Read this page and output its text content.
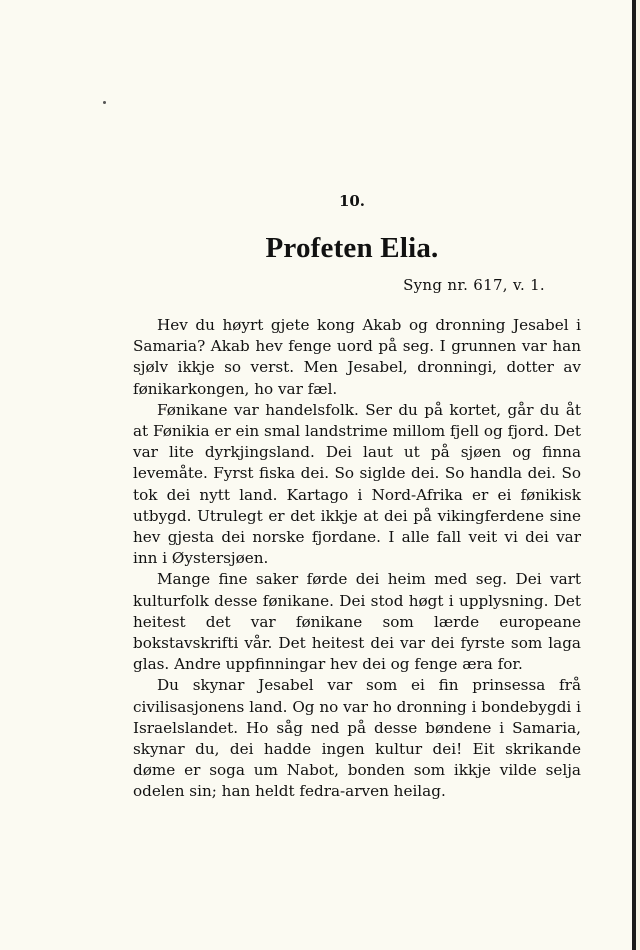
10.
Profeten Elia.
Syng nr. 617, v. 1.

Hev du høyrt gjete kong Akab og dronning Jesabel i Samaria? Akab hev fenge uord på seg. I grunnen var han sjølv ikkje so verst. Men Jesabel, dronningi, dotter av fønikarkongen, ho var fæl.

Fønikane var handelsfolk. Ser du på kortet, går du åt at Fønikia er ein smal landstrime millom fjell og fjord. Det var lite dyrkjingsland. Dei laut ut på sjøen og finna levemåte. Fyrst fiska dei. So siglde dei. So handla dei. So tok dei nytt land. Kartago i Nord-Afrika er ei fønikisk utbygd. Utrulegt er det ikkje at dei på vikingferdene sine hev gjesta dei norske fjordane. I alle fall veit vi dei var inn i Øystersjøen.

Mange fine saker førde dei heim med seg. Dei vart kulturfolk desse fønikane. Dei stod høgt i upplysning. Det heitest det var fønikane som lærde europeane bokstavskrifti vår. Det heitest dei var dei fyrste som laga glas. Andre uppfinningar hev dei og fenge æra for.

Du skynar Jesabel var som ei fin prinsessa frå civilisasjonens land. Og no var ho dronning i bondebygdi i Israelslandet. Ho såg ned på desse bøndene i Samaria, skynar du, dei hadde ingen kultur dei! Eit skrikande døme er soga um Nabot, bonden som ikkje vilde selja odelen sin; han heldt fedra-arven heilag.
